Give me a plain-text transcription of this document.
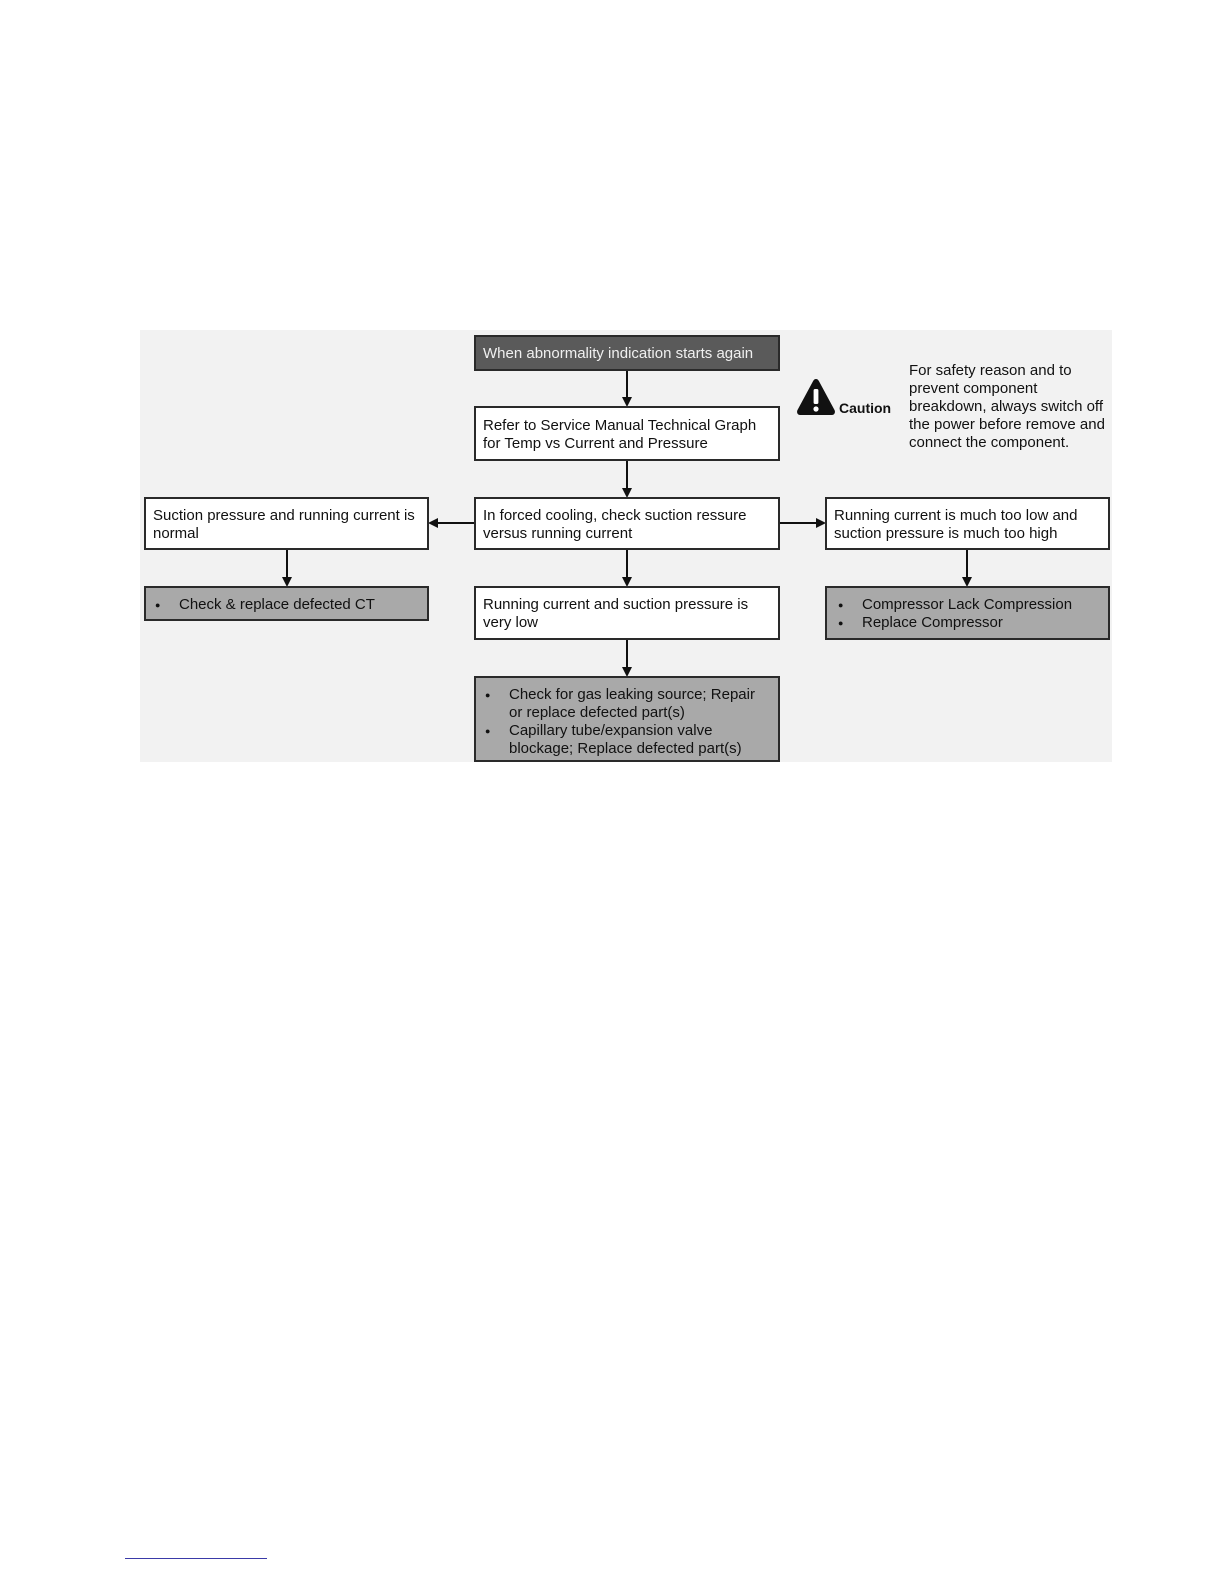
When abnormality indication starts again
Refer to Service Manual Technical Graph for Temp vs Current and Pressure
In forced cooling, check suction ressure versus running current
Suction pressure and running current is normal
Running current is much too low and suction pressure is much too high
● Check & replace defected CT	Running current and suction pressure is very low
● Compressor Lack Compression
● Replace Compressor
● Check for gas leaking source; Repair or replace defected part(s)
● Capillary tube/expansion valve blockage; Replace defected part(s)
Caution
For safety reason and to prevent component breakdown, always switch off the power before remove and connect the component.
